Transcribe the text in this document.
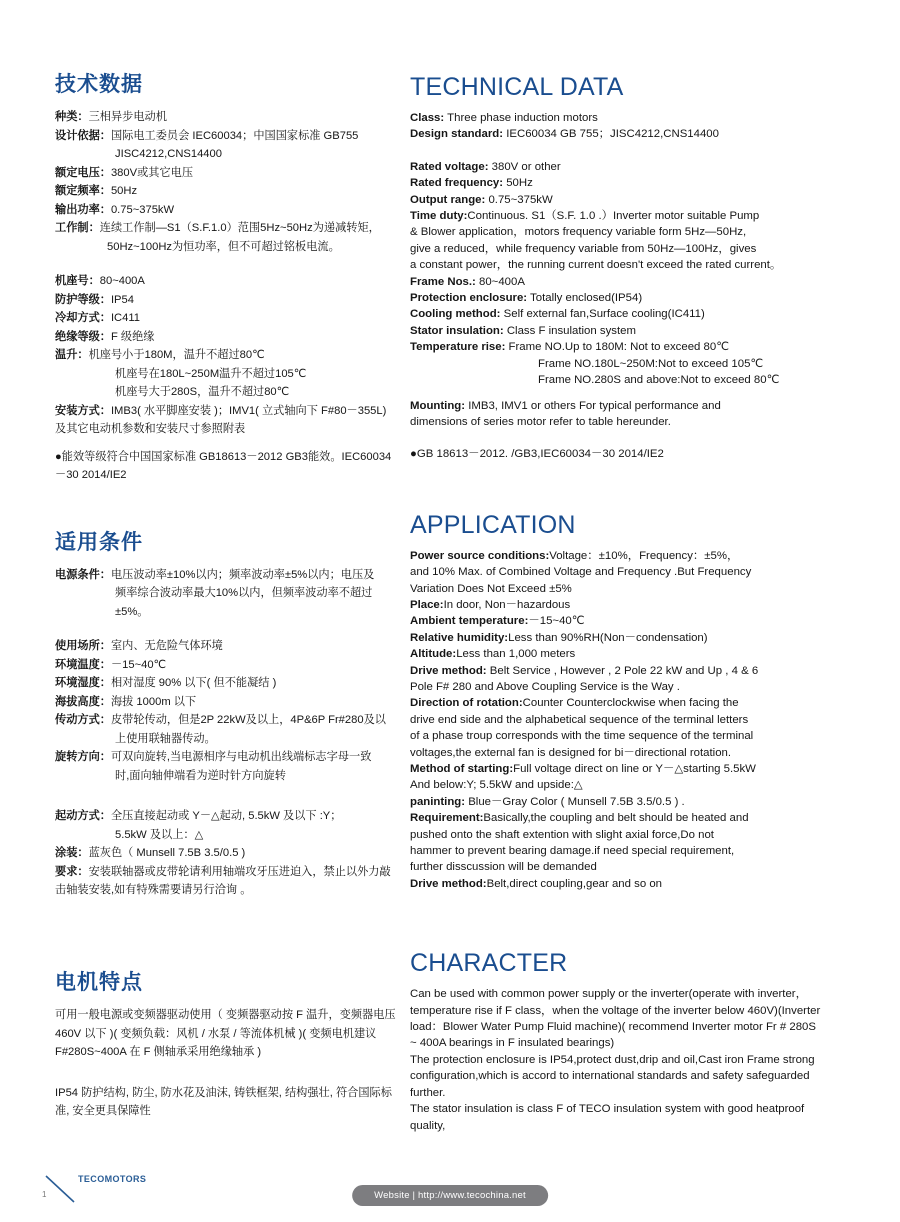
技术数据
种类：三相异步电动机
设计依据：国际电工委员会 IEC60034；中国国家标准 GB755
JISC4212,CNS14400
额定电压：380V或其它电压
额定频率：50Hz
输出功率：0.75~375kW
工作制：连续工作制—S1（S.F.1.0）范围5Hz~50Hz为递减转矩，
50Hz~100Hz为恒功率，但不可超过铭板电流。
机座号：80~400A
防护等级：IP54
冷却方式：IC411
绝缘等级：F 级绝缘
温升：机座号小于180M，温升不超过80℃
机座号在180L~250M温升不超过105℃
机座号大于280S，温升不超过80℃
安装方式：IMB3( 水平脚座安装 )；IMV1( 立式轴向下 F#80－355L)
及其它电动机参数和安装尺寸参照附表
●能效等级符合中国国家标准 GB18613－2012 GB3能效。IEC60034
－30 2014/IE2
适用条件
电源条件：电压波动率±10%以内；频率波动率±5%以内；电压及
频率综合波动率最大10%以内，但频率波动率不超过±5%。
使用场所：室内、无危险气体环境
环境温度：－15~40℃
环境湿度：相对湿度 90% 以下( 但不能凝结 )
海拔高度：海拔 1000m 以下
传动方式：皮带轮传动，但是2P 22kW及以上，4P&6P Fr#280及以
上使用联轴器传动。
旋转方向：可双向旋转,当电源相序与电动机出线端标志字母一致
时,面向轴伸端看为逆时针方向旋转
起动方式：全压直接起动或 Y－△起动, 5.5kW 及以下 :Y；
5.5kW 及以上：△
涂装：蓝灰色（ Munsell 7.5B 3.5/0.5 )
要求：安装联轴器或皮带轮请利用轴端攻牙压进迫入，禁止以外力敲
击轴装安装,如有特殊需要请另行洽询 。
电机特点

可用一般电源或变频器驱动使用（ 变频器驱动按 F 温升，变频器电压 460V 以下 )( 变频负载：风机 / 水泵 / 等流体机械 )( 变频电机建议 F#280S~400A 在 F 侧轴承采用绝缘轴承 )

IP54 防护结构, 防尘, 防水花及油沫, 铸铁框架, 结构强壮, 符合国际标准, 安全更具保障性

TECHNICAL DATA
Class: Three phase induction motors
Design standard: IEC60034 GB 755；JISC4212,CNS14400
Rated voltage: 380V or other
Rated frequency: 50Hz
Output range: 0.75~375kW
Time duty:Continuous. S1（S.F. 1.0 .）Inverter motor suitable Pump
& Blower application，motors frequency variable form 5Hz—50Hz,
give a reduced，while frequency variable from 50Hz—100Hz，gives
a constant power，the running current doesn't exceed the rated current。
Frame Nos.: 80~400A
Protection enclosure: Totally enclosed(IP54)
Cooling method: Self external fan,Surface cooling(IC411)
Stator insulation: Class F insulation system
Temperature rise: Frame NO.Up to 180M: Not to exceed 80℃
Frame NO.180L~250M:Not to exceed 105℃
Frame NO.280S and above:Not to exceed 80℃
Mounting: IMB3, IMV1 or others For typical performance and
dimensions of series motor refer to table hereunder.
●GB 18613－2012. /GB3,IEC60034－30 2014/IE2
APPLICATION
Power source conditions:Voltage：±10%，Frequency：±5%，
and 10% Max. of Combined Voltage and Frequency .But Frequency
Variation Does Not Exceed ±5%
Place:In door, Non－hazardous
Ambient temperature:－15~40℃
Relative humidity:Less than 90%RH(Non－condensation)
Altitude:Less than 1,000 meters
Drive method: Belt Service , However , 2 Pole 22 kW and Up , 4 & 6
Pole F# 280 and Above Coupling Service is the Way .
Direction of rotation:Counter Counterclockwise when facing the
drive end side and the alphabetical sequence of the terminal letters
of a phase troup corresponds with the time sequence of the terminal
voltages,the external fan is designed for bi－directional rotation.
Method of starting:Full voltage direct on line or Y－△starting 5.5kW
And below:Y; 5.5kW and upside:△
paninting: Blue－Gray Color ( Munsell 7.5B 3.5/0.5 ) .
Requirement:Basically,the coupling and belt should be heated and
pushed onto the shaft extention with slight axial force,Do not
hammer to prevent bearing damage.if need special requirement,
further disscussion will be demanded
Drive method:Belt,direct coupling,gear and so on
CHARACTER

Can be used with common power supply or the inverter(operate with inverter，temperature rise if F class，when the voltage of the inverter below 460V)(Inverter load：Blower Water Pump Fluid machine)( recommend Inverter motor Fr # 280S ~ 400A bearings in F insulated bearings)

The protection enclosure is IP54,protect dust,drip and oil,Cast iron Frame strong configuration,which is accord to international standards and safety safeguarded further.

The stator insulation is class F of TECO insulation system with good heatproof quality,

TECOMOTORS
1	Website | http://www.tecochina.net
